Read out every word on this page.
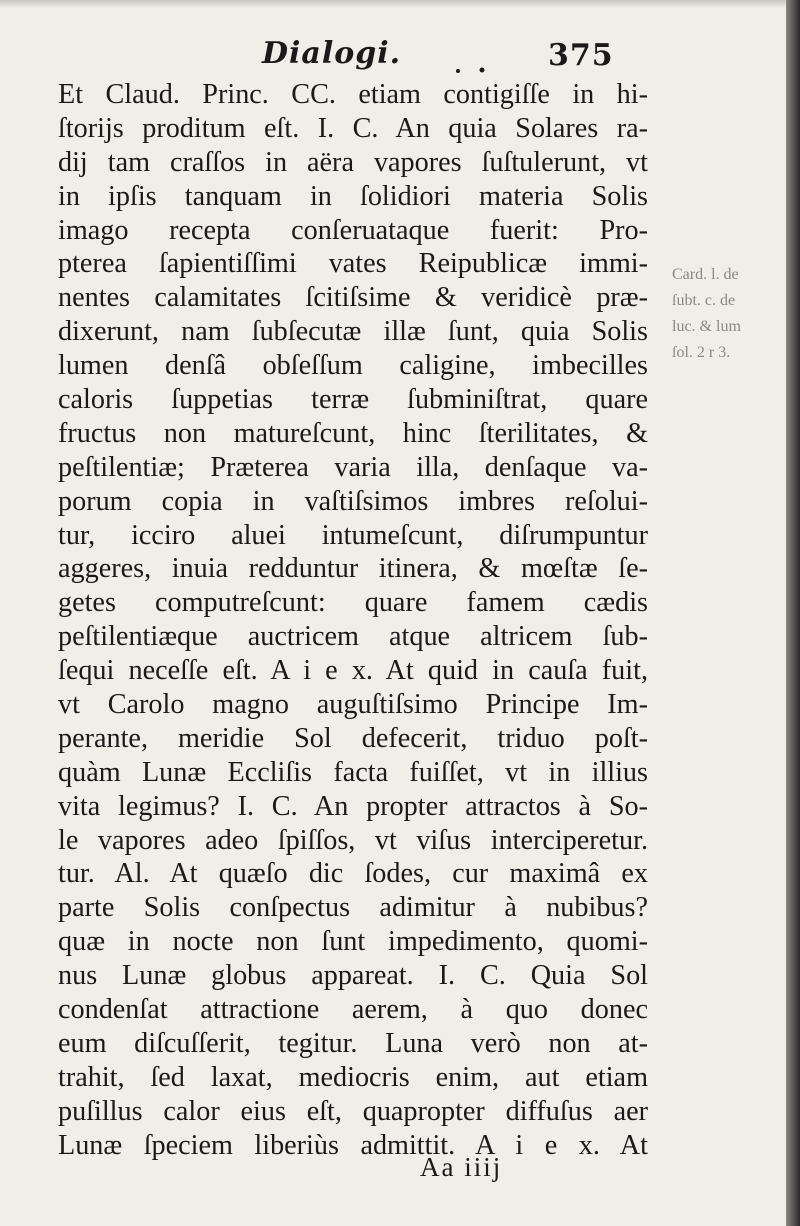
Dialogi.	375
Et Claud. Princ. CC. etiam contigiſſe in hi-
ſtorijs proditum eſt. I. C. An quia Solares ra-
dij tam craſſos in aëra vapores ſuſtulerunt, vt
in ipſis tanquam in ſolidiori materia Solis
imago recepta conſeruataque fuerit: Pro-
pterea ſapientiſſimi vates Reipublicæ immi-
nentes calamitates ſcitiſsime & veridicè præ-
dixerunt, nam ſubſecutæ illæ ſunt, quia Solis
lumen denſâ obſeſſum caligine, imbecilles
caloris ſuppetias terræ ſubminiſtrat, quare
fructus non matureſcunt, hinc ſterilitates, &
peſtilentiæ; Præterea varia illa, denſaque va-
porum copia in vaſtiſsimos imbres reſolui-
tur, icciro aluei intumeſcunt, diſrumpuntur
aggeres, inuia redduntur itinera, & mœſtæ ſe-
getes computreſcunt: quare famem cædis
peſtilentiæque auctricem atque altricem ſub-
ſequi neceſſe eſt. A i e x. At quid in cauſa fuit,
vt Carolo magno auguſtiſsimo Principe Im-
perante, meridie Sol defecerit, triduo poſt-
quàm Lunæ Eccliſis facta fuiſſet, vt in illius
vita legimus? I. C. An propter attractos à So-
le vapores adeo ſpiſſos, vt viſus interciperetur.
tur. Al. At quæſo dic ſodes, cur maximâ ex
parte Solis conſpectus adimitur à nubibus?
quæ in nocte non ſunt impedimento, quomi-
nus Lunæ globus appareat. I. C. Quia Sol
condenſat attractione aerem, à quo donec
eum diſcuſſerit, tegitur. Luna verò non at-
trahit, ſed laxat, mediocris enim, aut etiam
puſillus calor eius eſt, quapropter diffuſus aer
Lunæ ſpeciem liberiùs admittit. A i e x. At
Card. l. de
ſubt. c. de
luc. & lum
ſol. 2 r 3.
Aa iiij
